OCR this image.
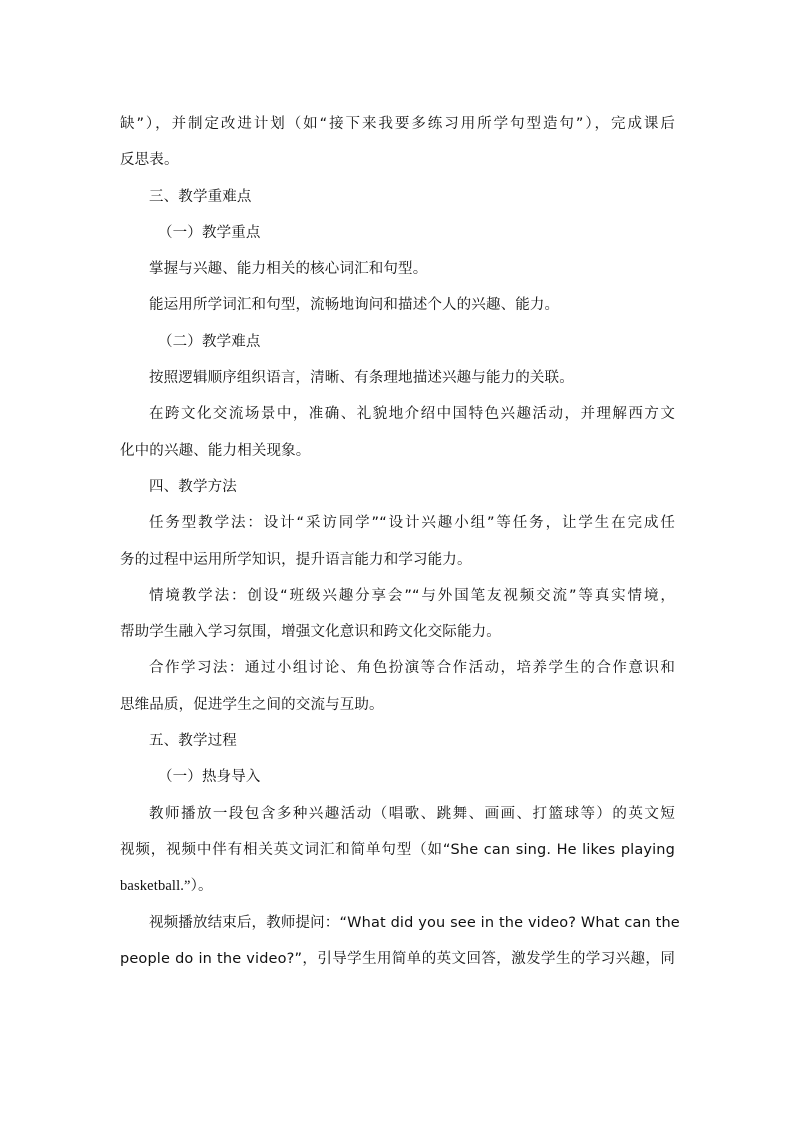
缺”），并制定改进计划（如“接下来我要多练习用所学句型造句”），完成课后
反思表。
三、教学重难点
（一）教学重点
掌握与兴趣、能力相关的核心词汇和句型。
能运用所学词汇和句型，流畅地询问和描述个人的兴趣、能力。
（二）教学难点
按照逻辑顺序组织语言，清晰、有条理地描述兴趣与能力的关联。
在跨文化交流场景中，准确、礼貌地介绍中国特色兴趣活动，并理解西方文
化中的兴趣、能力相关现象。
四、教学方法
任务型教学法：设计“采访同学”“设计兴趣小组”等任务，让学生在完成任
务的过程中运用所学知识，提升语言能力和学习能力。
情境教学法：创设“班级兴趣分享会”“与外国笔友视频交流”等真实情境，
帮助学生融入学习氛围，增强文化意识和跨文化交际能力。
合作学习法：通过小组讨论、角色扮演等合作活动，培养学生的合作意识和
思维品质，促进学生之间的交流与互助。
五、教学过程
（一）热身导入
教师播放一段包含多种兴趣活动（唱歌、跳舞、画画、打篮球等）的英文短
视频，视频中伴有相关英文词汇和简单句型（如“She can sing. He likes playing
basketball.”）。
视频播放结束后，教师提问：“What did you see in the video? What can the
people do in the video?”，引导学生用简单的英文回答，激发学生的学习兴趣，同
